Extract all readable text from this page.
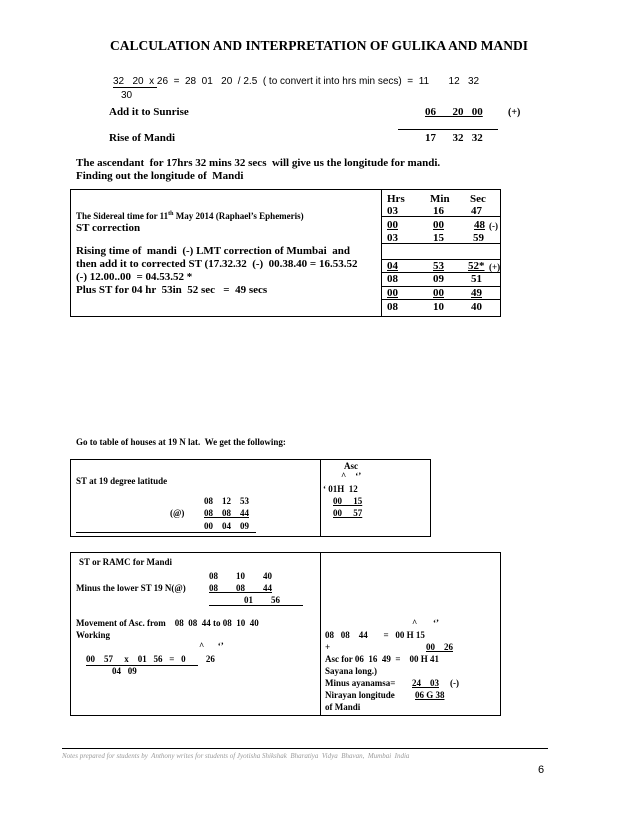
CALCULATION AND INTERPRETATION OF GULIKA AND MANDI
32   20  x 26  =  28  01   20  / 2.5  ( to convert it into hrs min secs)  =  11       12   32
30
Add it to Sunrise	06      20   00	(+)
Rise of Mandi	17      32   32
The ascendant  for 17hrs 32 mins 32 secs  will give us the longitude for mandi.
Finding out the longitude of  Mandi
The Sidereal time for 11th May 2014 (Raphael’s Ephemeris)
ST correction
Rising time of  mandi  (-) LMT correction of Mumbai  and
then add it to corrected ST (17.32.32  (-)  00.38.40 = 16.53.52
(-) 12.00..00  = 04.53.52 *
Plus ST for 04 hr  53in  52 sec   =  49 secs
Hrs Min Sec
03	16 47
00	00	48 (-)
03	15	59
04	53 52* (+)
08	09 51
00	00 49
08	10 40
Go to table of houses at 19 N lat.  We get the following:
ST at 19 degree latitude
08    12    53
(@) 08    08    44
00    04    09
Asc
^    ‘’
‘ 01H  12
00     15
00     57
ST or RAMC for Mandi
08        10        40
Minus the lower ST 19 N(@)	08        08        44
01        56
Movement of Asc. from    08  08  44 to 08  10  40
Working
^      ‘’
00    57     x    01   56   =   0         26
04   09
^       ‘’
08   08    44       =   00 H 15
+	00    26
Asc for 06  16  49  =    00 H 41
Sayana long.)
Minus ayanamsa= 24    03 (-)
Nirayan longitude 06 G 38
of Mandi
Notes prepared for students by  Anthony writes for students of Jyotisha Shikshak  Bharatiya  Vidya  Bhavan,  Mumbai  India
6
